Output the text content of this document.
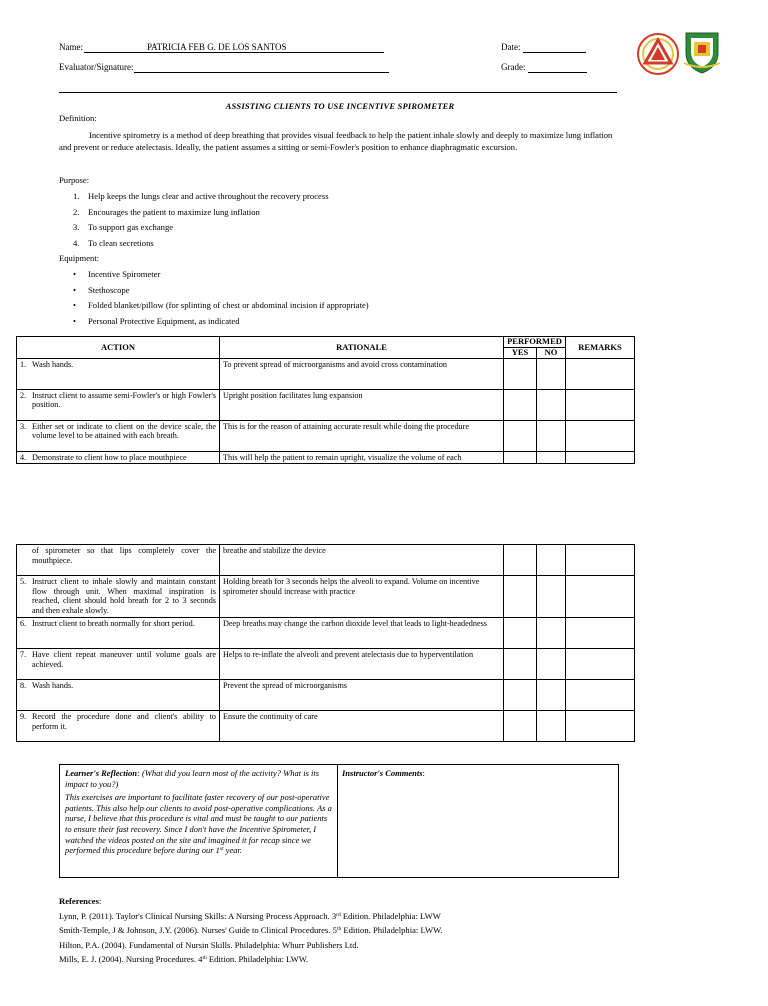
Name:	PATRICIA FEB G. DE LOS SANTOS	Date:
Evaluator/Signature:	Grade:
ASSISTING CLIENTS TO USE INCENTIVE SPIROMETER
Definition:
Incentive spirometry is a method of deep breathing that provides visual feedback to help the patient inhale slowly and deeply to maximize lung inflation and prevent or reduce atelectasis. Ideally, the patient assumes a sitting or semi-Fowler's position to enhance diaphragmatic excursion.
Purpose:
1. Help keeps the lungs clear and active throughout the recovery process
2. Encourages the patient to maximize lung inflation
3. To support gas exchange
4. To clean secretions
Equipment:
• Incentive Spirometer
• Stethoscope
• Folded blanket/pillow (for splinting of chest or abdominal incision if appropriate)
• Personal Protective Equipment, as indicated
ACTION	RATIONALE	PERFORMED		REMARKS
		YES	NO	

1. Wash hands.	To prevent spread of microorganisms and avoid cross contamination			

2. Instruct client to assume semi-Fowler's or high Fowler's position.	Upright position facilitates lung expansion			

3. Either set or indicate to client on the device scale, the volume level to be attained with each breath.	This is for the reason of attaining accurate result while doing the procedure			

4. Demonstrate to client how to place mouthpiece	This will help the patient to remain upright, visualize the volume of each			
of spirometer so that lips completely cover the mouthpiece.	breathe and stabilize the device			

5. Instruct client to inhale slowly and maintain constant flow through unit. When maximal inspiration is reached, client should hold breath for 2 to 3 seconds and then exhale slowly.	Holding breath for 3 seconds helps the alveoli to expand. Volume on incentive spirometer should increase with practice			

6. Instruct client to breath normally for short period.	Deep breaths may change the carbon dioxide level that leads to light-headedness			

7. Have client repeat maneuver until volume goals are achieved.	Helps to re-inflate the alveoli and prevent atelectasis due to hyperventilation			

8. Wash hands.	Prevent the spread of microorganisms			

9. Record the procedure done and client's ability to perform it.	Ensure the continuity of care			
Learner's Reflection: (What did you learn most of the activity? What is its impact to you?)
This exercises are important to facilitate faster recovery of our post-operative patients. This also help our clients to avoid post-operative complications. As a nurse, I believe that this procedure is vital and must be taught to our patients to ensure their fast recovery. Since I don't have the Incentive Spirometer, I watched the videos posted on the site and imagined it for recap since we performed this procedure before during our 1st year.
Instructor's Comments:
References:
Lynn, P. (2011). Taylor's Clinical Nursing Skills: A Nursing Process Approach. 3rd Edition. Philadelphia: LWW
Smith-Temple, J & Johnson, J.Y. (2006). Nurses' Guide to Clinical Procedures. 5th Edition. Philadelphia: LWW.
Hilton, P.A. (2004). Fundamental of Nursin Skills. Philadelphia: Whurr Publishers Ltd.
Mills, E. J. (2004). Nursing Procedures. 4th Edition. Philadelphia: LWW.
